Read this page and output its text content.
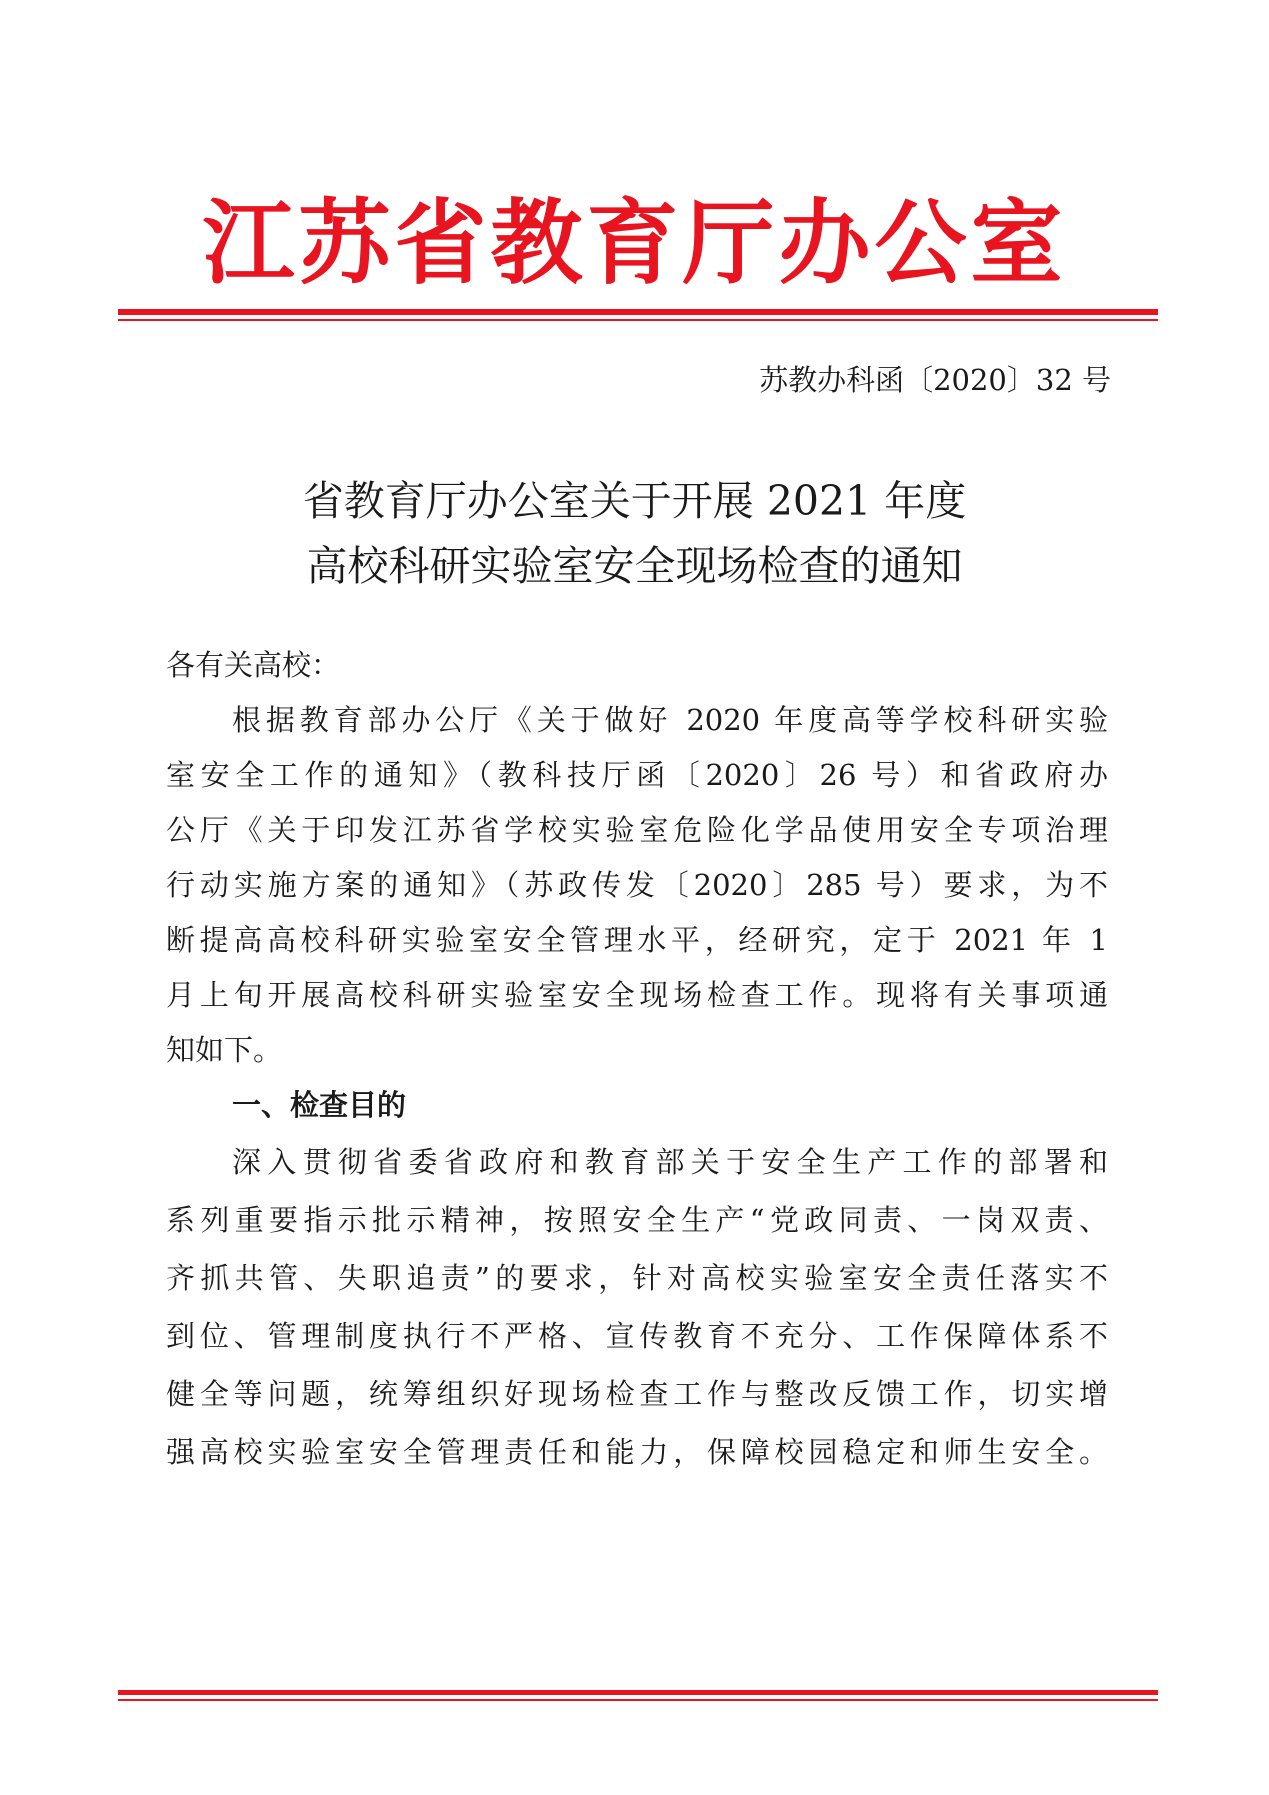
江苏省教育厅办公室
苏教办科函〔2020〕32 号
省教育厅办公室关于开展 2021 年度
高校科研实验室安全现场检查的通知
各有关高校：
根据教育部办公厅《关于做好 2020 年度高等学校科研实验
室安全工作的通知》（教科技厅函〔2020〕26 号）和省政府办
公厅《关于印发江苏省学校实验室危险化学品使用安全专项治理
行动实施方案的通知》（苏政传发〔2020〕285 号）要求，为不
断提高高校科研实验室安全管理水平，经研究，定于 2021 年 1
月上旬开展高校科研实验室安全现场检查工作。现将有关事项通
知如下。
一、检查目的
深入贯彻省委省政府和教育部关于安全生产工作的部署和
系列重要指示批示精神，按照安全生产“党政同责、一岗双责、
齐抓共管、失职追责”的要求，针对高校实验室安全责任落实不
到位、管理制度执行不严格、宣传教育不充分、工作保障体系不
健全等问题，统筹组织好现场检查工作与整改反馈工作，切实增
强高校实验室安全管理责任和能力，保障校园稳定和师生安全。
